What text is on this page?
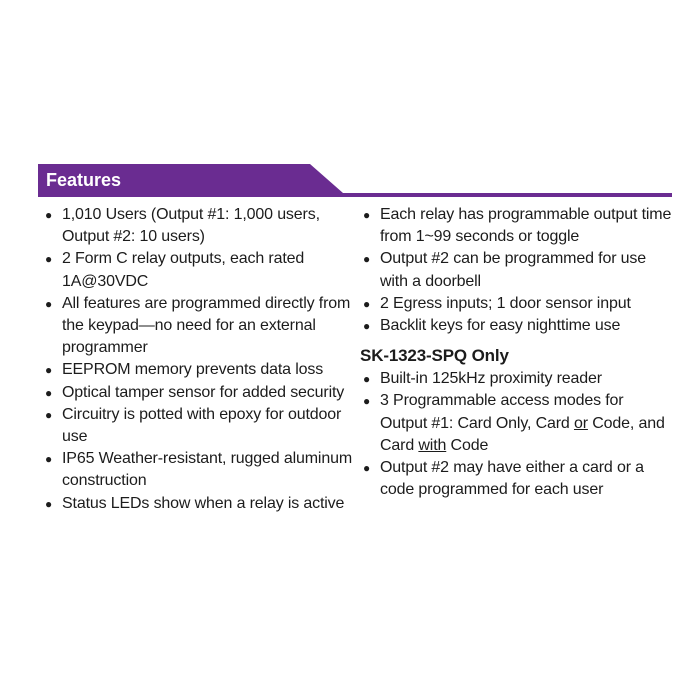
Features
● 1,010 Users (Output #1: 1,000 users, Output #2: 10 users)
● 2 Form C relay outputs, each rated 1A@30VDC
● All features are programmed directly from the keypad—no need for an external programmer
● EEPROM memory prevents data loss
● Optical tamper sensor for added security
● Circuitry is potted with epoxy for outdoor use
● IP65 Weather-resistant, rugged aluminum construction
● Status LEDs show when a relay is active
● Each relay has programmable output time from 1~99 seconds or toggle
● Output #2 can be programmed for use with a doorbell
● 2 Egress inputs; 1 door sensor input
● Backlit keys for easy nighttime use
SK-1323-SPQ Only
● Built-in 125kHz proximity reader
● 3 Programmable access modes for Output #1: Card Only, Card or Code, and Card with Code
● Output #2 may have either a card or a code programmed for each user
